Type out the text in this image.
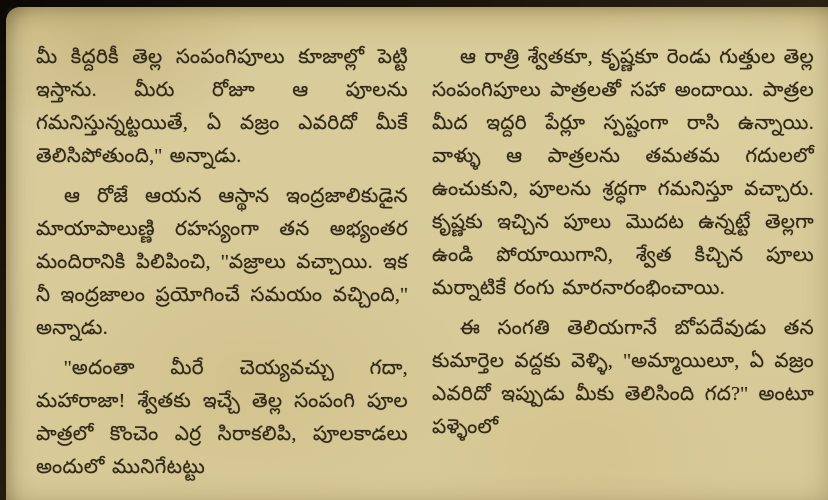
మీ కిద్దరికీ తెల్ల సంపంగిపూలు కూజాల్లో పెట్టి ఇస్తాను. మీరు రోజూ ఆ పూలను గమనిస్తున్నట్టయితే, ఏ వజ్రం ఎవరిదో మీకే తెలిసిపోతుంది,'' అన్నాడు.

ఆ రోజే ఆయన ఆస్థాన ఇంద్రజాలికుడైన మాయాపాలుణ్ణి రహస్యంగా తన అభ్యంతర మందిరానికి పిలిపించి, ''వజ్రాలు వచ్చాయి. ఇక నీ ఇంద్రజాలం ప్రయోగించే సమయం వచ్చింది,'' అన్నాడు.

''అదంతా మీరే చెయ్యవచ్చు గదా, మహారాజా! శ్వేతకు ఇచ్చే తెల్ల సంపంగి పూల పాత్రలో కొంచెం ఎర్ర సిరాకలిపి, పూలకాడలు అందులో మునిగేటట్టు

ఆ రాత్రి శ్వేతకూ, కృష్ణకూ రెండు గుత్తుల తెల్ల సంపంగిపూలు పాత్రలతో సహా అందాయి. పాత్రల మీద ఇద్దరి పేర్లూ స్పష్టంగా రాసి ఉన్నాయి. వాళ్ళు ఆ పాత్రలను తమతమ గదులలో ఉంచుకుని, పూలను శ్రద్ధగా గమనిస్తూ వచ్చారు. కృష్ణకు ఇచ్చిన పూలు మొదట ఉన్నట్టే తెల్లగా ఉండి పోయాయిగాని, శ్వేత కిచ్చిన పూలు మర్నాటికే రంగు మారనారంభించాయి.

ఈ సంగతి తెలియగానే బోపదేవుడు తన కుమార్తెల వద్దకు వెళ్ళి, ''అమ్మాయిలూ, ఏ వజ్రం ఎవరిదో ఇప్పుడు మీకు తెలిసింది గద?'' అంటూ పళ్ళెంలో
